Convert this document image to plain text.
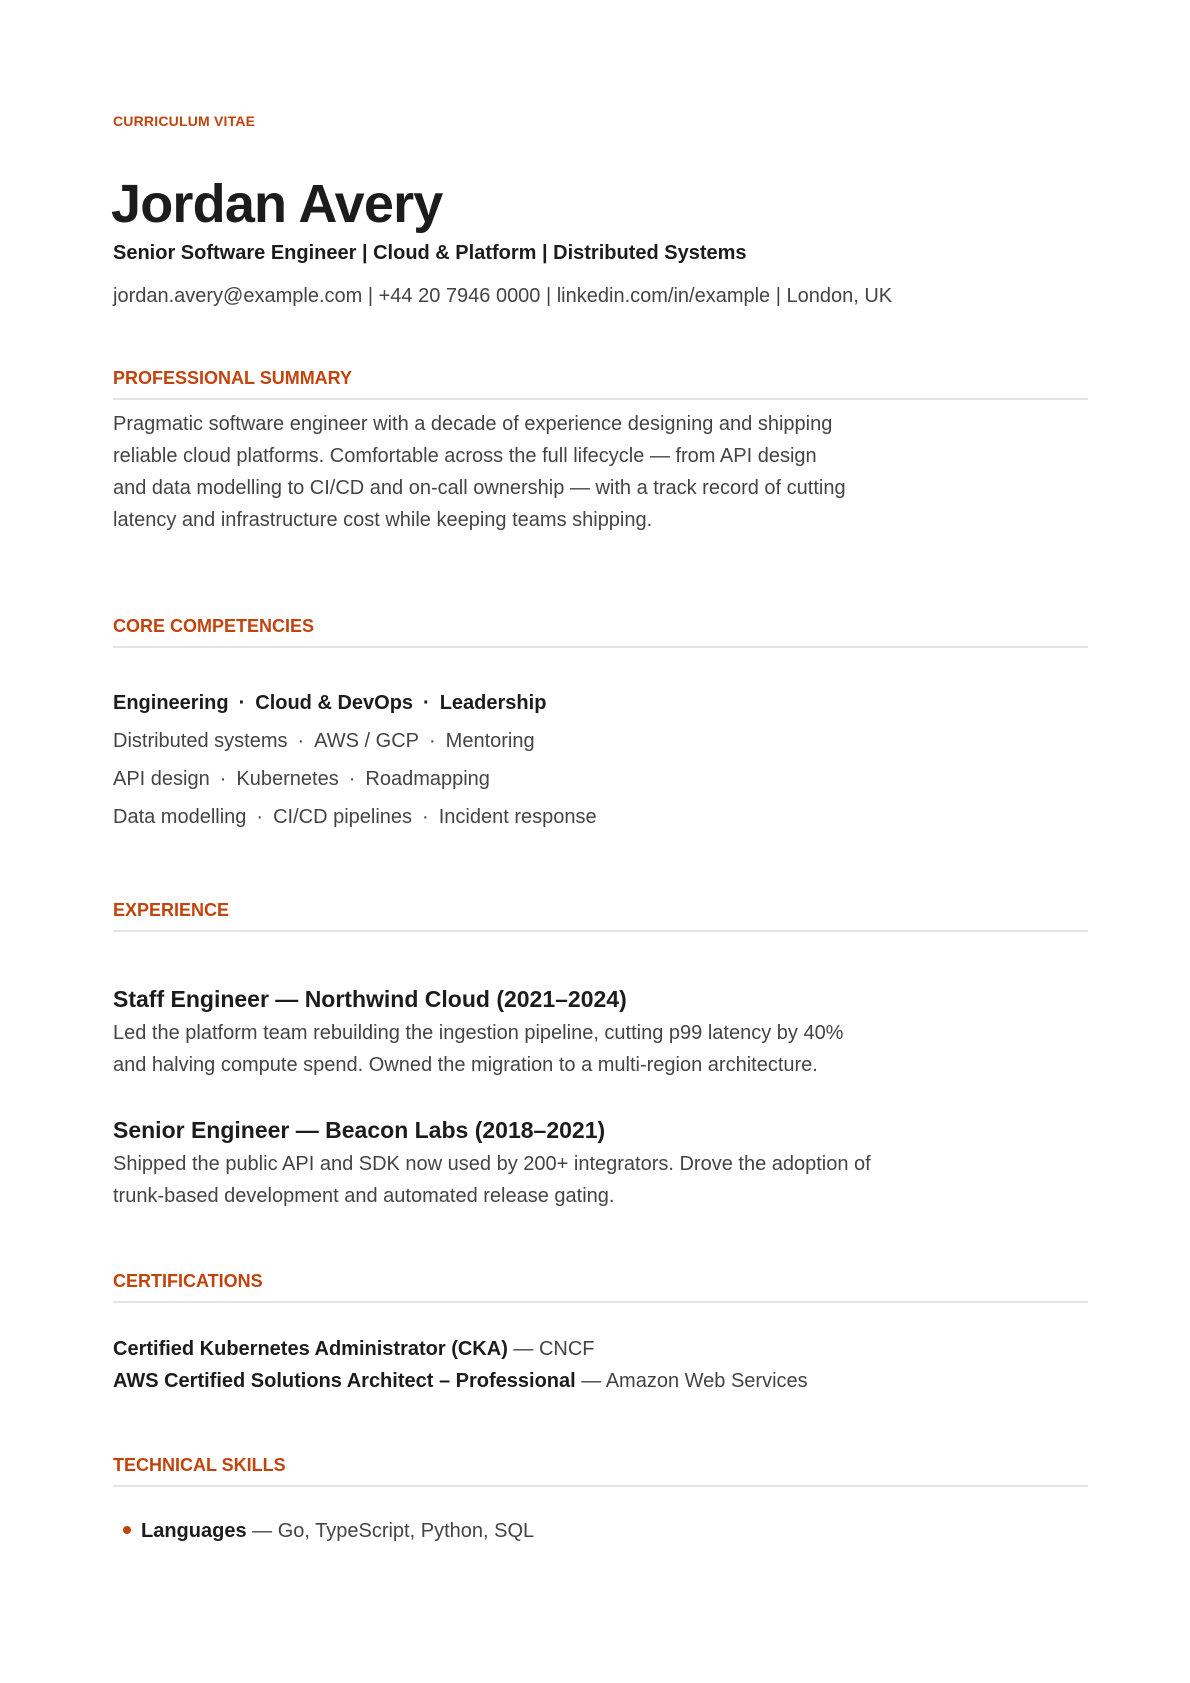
CURRICULUM VITAE
Jordan Avery
Senior Software Engineer | Cloud & Platform | Distributed Systems
jordan.avery@example.com | +44 20 7946 0000 | linkedin.com/in/example | London, UK
PROFESSIONAL SUMMARY
Pragmatic software engineer with a decade of experience designing and shipping
reliable cloud platforms. Comfortable across the full lifecycle — from API design
and data modelling to CI/CD and on-call ownership — with a track record of cutting
latency and infrastructure cost while keeping teams shipping.
CORE COMPETENCIES
Engineering · Cloud & DevOps · Leadership
Distributed systems · AWS / GCP · Mentoring
API design · Kubernetes · Roadmapping
Data modelling · CI/CD pipelines · Incident response
EXPERIENCE
Staff Engineer — Northwind Cloud (2021–2024)
Led the platform team rebuilding the ingestion pipeline, cutting p99 latency by 40%
and halving compute spend. Owned the migration to a multi-region architecture.
Senior Engineer — Beacon Labs (2018–2021)
Shipped the public API and SDK now used by 200+ integrators. Drove the adoption of
trunk-based development and automated release gating.
CERTIFICATIONS
Certified Kubernetes Administrator (CKA) — CNCF
AWS Certified Solutions Architect – Professional — Amazon Web Services
TECHNICAL SKILLS
Languages — Go, TypeScript, Python, SQL
